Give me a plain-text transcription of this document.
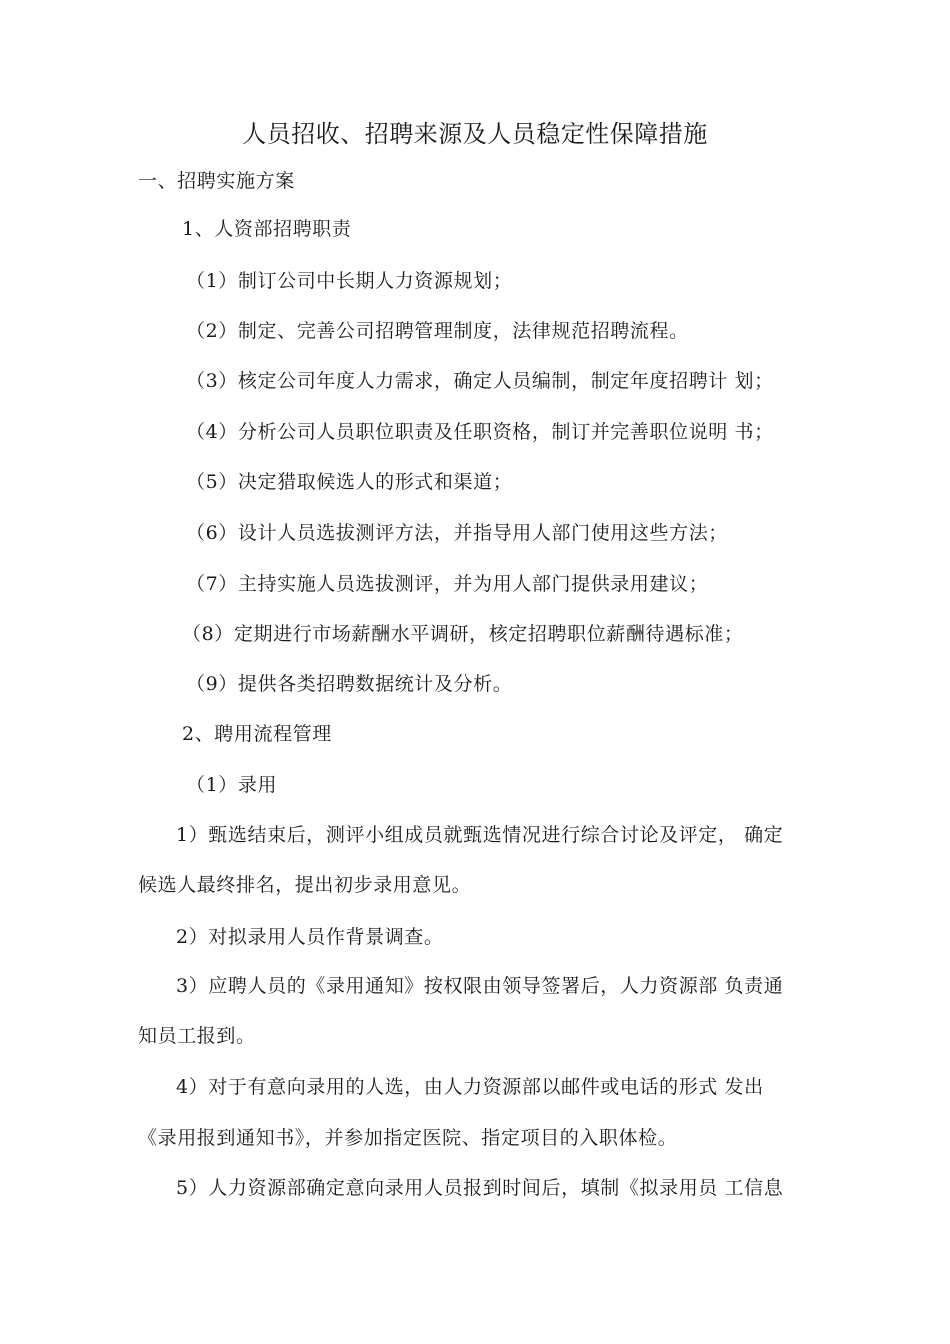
人员招收、招聘来源及人员稳定性保障措施
一、招聘实施方案
1、人资部招聘职责
（1）制订公司中长期人力资源规划；
（2）制定、完善公司招聘管理制度，法律规范招聘流程。
（3）核定公司年度人力需求，确定人员编制，制定年度招聘计 划；
（4）分析公司人员职位职责及任职资格，制订并完善职位说明 书；
（5）决定猎取候选人的形式和渠道；
（6）设计人员选拔测评方法，并指导用人部门使用这些方法；
（7）主持实施人员选拔测评，并为用人部门提供录用建议；
（8）定期进行市场薪酬水平调研，核定招聘职位薪酬待遇标准；
（9）提供各类招聘数据统计及分析。
2、聘用流程管理
（1）录用
1）甄选结束后，测评小组成员就甄选情况进行综合讨论及评定， 确定
候选人最终排名，提出初步录用意见。
2）对拟录用人员作背景调查。
3）应聘人员的《录用通知》按权限由领导签署后，人力资源部 负责通
知员工报到。
4）对于有意向录用的人选，由人力资源部以邮件或电话的形式 发出
《录用报到通知书》，并参加指定医院、指定项目的入职体检。
5）人力资源部确定意向录用人员报到时间后，填制《拟录用员 工信息
